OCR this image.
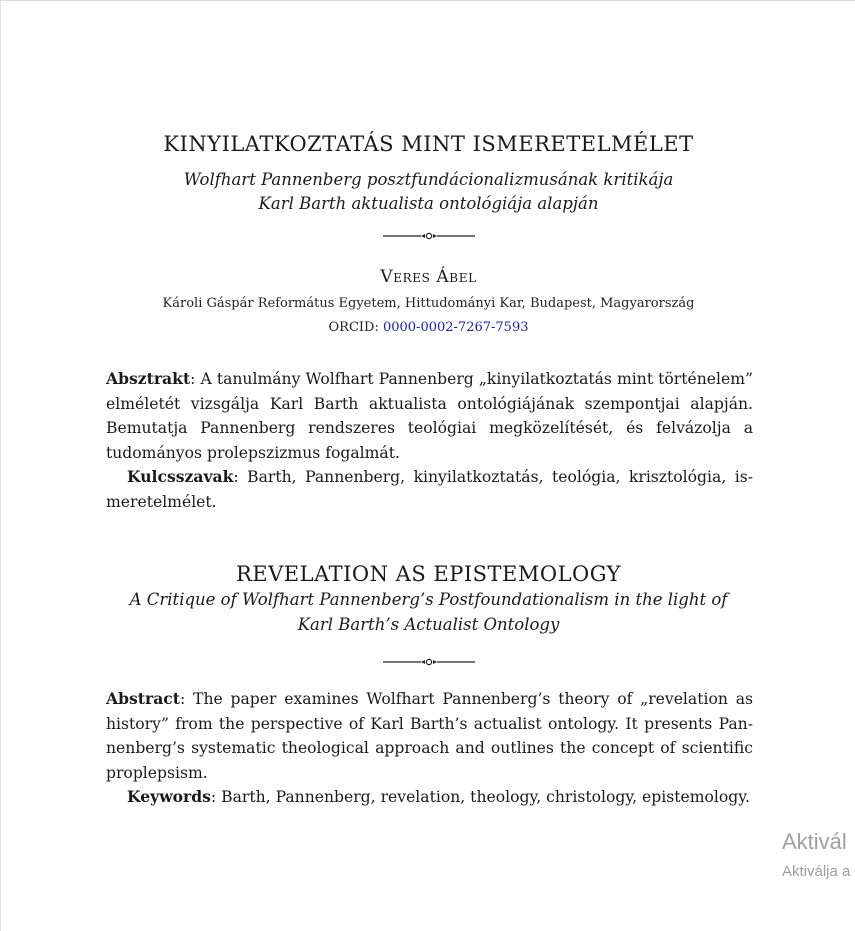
KINYILATKOZTATÁS MINT ISMERETELMÉLET
Wolfhart Pannenberg posztfundácionalizmusának kritikája
Karl Barth aktualista ontológiája alapján
Veres Ábel
Károli Gáspár Református Egyetem, Hittudományi Kar, Budapest, Magyarország
ORCID: 0000-0002-7267-7593
Absztrakt: A tanulmány Wolfhart Pannenberg „kinyilatkoztatás mint történelem” elméletét vizsgálja Karl Barth aktualista ontológiájának szempontjai alapján. Bemutatja Pannenberg rendszeres teológiai megközelítését, és felvázolja a tudományos prolepszizmus fogalmát.
Kulcsszavak: Barth, Pannenberg, kinyilatkoztatás, teológia, krisztológia, ismeretelmélet.
REVELATION AS EPISTEMOLOGY
A Critique of Wolfhart Pannenberg’s Postfoundationalism in the light of
Karl Barth’s Actualist Ontology
Abstract: The paper examines Wolfhart Pannenberg’s theory of „revelation as history” from the perspective of Karl Barth’s actualist ontology. It presents Pannenberg’s systematic theological approach and outlines the concept of scientific proplepsism.
Keywords: Barth, Pannenberg, revelation, theology, christology, epistemology.
Aktivál
Aktiválja a
